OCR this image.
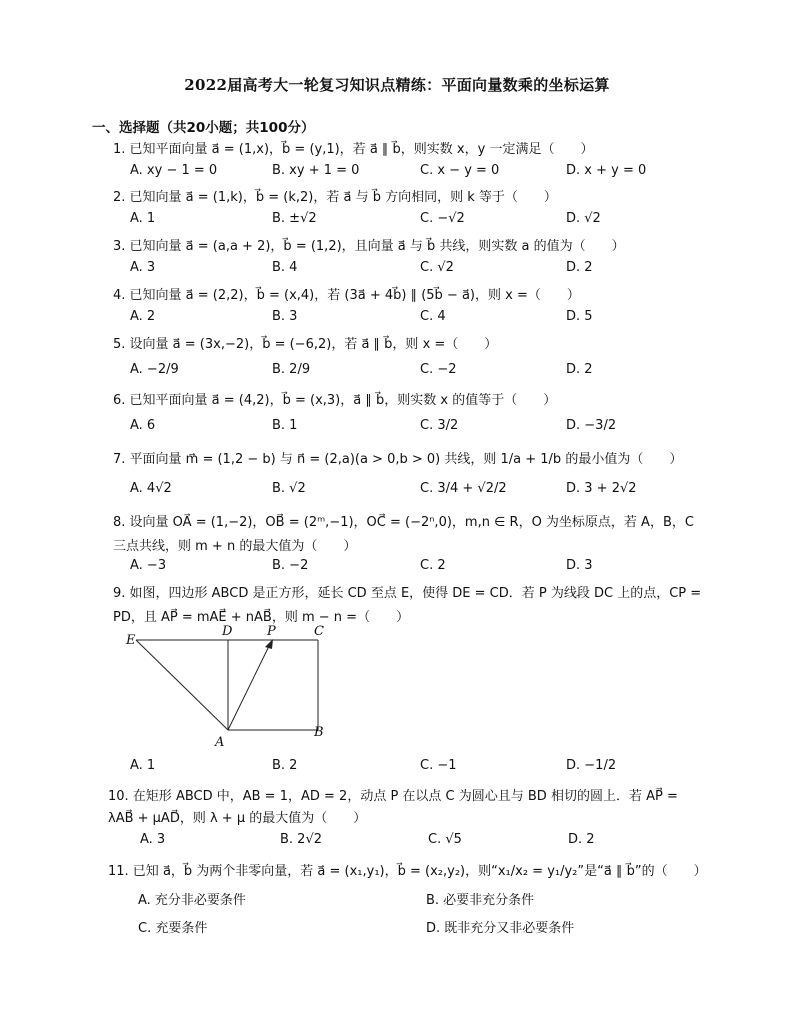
2022届高考大一轮复习知识点精练：平面向量数乘的坐标运算
一、选择题（共20小题；共100分）
1. 已知平面向量 a⃗ = (1,x)，b⃗ = (y,1)，若 a⃗ ∥ b⃗，则实数 x，y 一定满足（　　）
A. xy − 1 = 0	B. xy + 1 = 0	C. x − y = 0	D. x + y = 0
2. 已知向量 a⃗ = (1,k)，b⃗ = (k,2)，若 a⃗ 与 b⃗ 方向相同，则 k 等于（　　）
A. 1	B. ±√2	C. −√2	D. √2
3. 已知向量 a⃗ = (a,a + 2)，b⃗ = (1,2)，且向量 a⃗ 与 b⃗ 共线，则实数 a 的值为（　　）
A. 3	B. 4	C. √2	D. 2
4. 已知向量 a⃗ = (2,2)，b⃗ = (x,4)，若 (3a⃗ + 4b⃗) ∥ (5b⃗ − a⃗)，则 x =（　　）
A. 2	B. 3	C. 4	D. 5
5. 设向量 a⃗ = (3x,−2)，b⃗ = (−6,2)，若 a⃗ ∥ b⃗，则 x =（　　）
A. −2/9	B. 2/9	C. −2	D. 2
6. 已知平面向量 a⃗ = (4,2)，b⃗ = (x,3)，a⃗ ∥ b⃗，则实数 x 的值等于（　　）
A. 6	B. 1	C. 3/2	D. −3/2
7. 平面向量 m⃗ = (1,2 − b) 与 n⃗ = (2,a)(a > 0,b > 0) 共线，则 1/a + 1/b 的最小值为（　　）
A. 4√2	B. √2	C. 3/4 + √2/2	D. 3 + 2√2
8. 设向量 OA⃗ = (1,−2)，OB⃗ = (2ᵐ,−1)，OC⃗ = (−2ⁿ,0)，m,n ∈ R，O 为坐标原点，若 A，B，C 三点共线，则 m + n 的最大值为（　　）
A. −3	B. −2	C. 2	D. 3
9. 如图，四边形 ABCD 是正方形，延长 CD 至点 E，使得 DE = CD．若 P 为线段 DC 上的点，CP = PD，且 AP⃗ = mAE⃗ + nAB⃗，则 m − n =（　　）
E
D	P	C
A
B
A. 1	B. 2	C. −1	D. −1/2
10. 在矩形 ABCD 中，AB = 1，AD = 2，动点 P 在以点 C 为圆心且与 BD 相切的圆上．若 AP⃗ = λAB⃗ + μAD⃗，则 λ + μ 的最大值为（　　）
A. 3	B. 2√2	C. √5	D. 2
11. 已知 a⃗，b⃗ 为两个非零向量，若 a⃗ = (x₁,y₁)，b⃗ = (x₂,y₂)，则“x₁/x₂ = y₁/y₂”是“a⃗ ∥ b⃗”的（　　）
A. 充分非必要条件	B. 必要非充分条件
C. 充要条件	D. 既非充分又非必要条件
